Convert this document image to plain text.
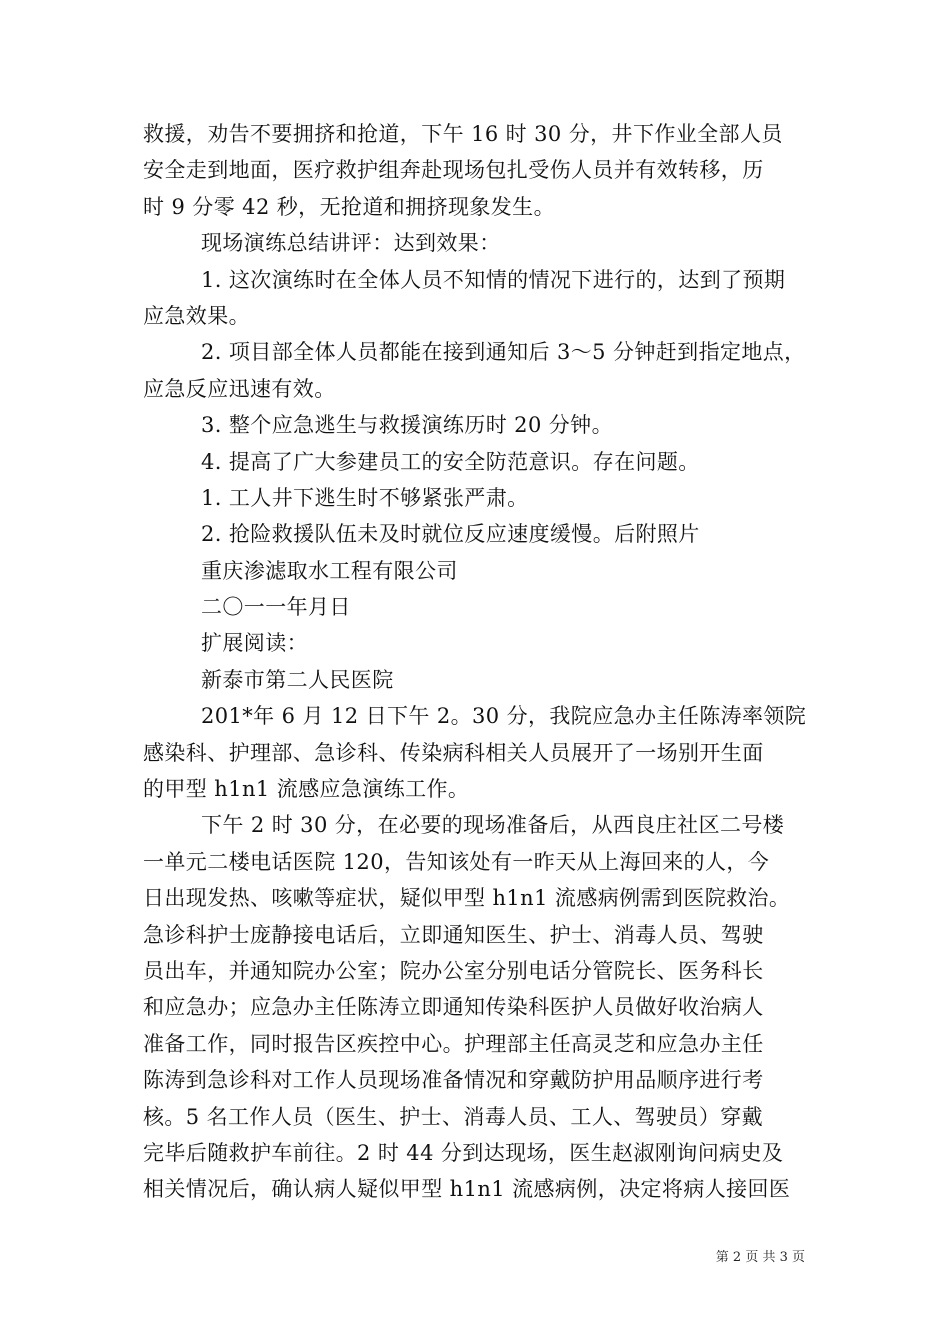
救援，劝告不要拥挤和抢道，下午 16 时 30 分，井下作业全部人员
安全走到地面，医疗救护组奔赴现场包扎受伤人员并有效转移，历
时 9 分零 42 秒，无抢道和拥挤现象发生。
现场演练总结讲评：达到效果：
1. 这次演练时在全体人员不知情的情况下进行的，达到了预期
应急效果。
2. 项目部全体人员都能在接到通知后 3～5 分钟赶到指定地点，
应急反应迅速有效。
3. 整个应急逃生与救援演练历时 20 分钟。
4. 提高了广大参建员工的安全防范意识。存在问题。
1. 工人井下逃生时不够紧张严肃。
2. 抢险救援队伍未及时就位反应速度缓慢。后附照片
重庆渗滤取水工程有限公司
二〇一一年月日
扩展阅读：
新泰市第二人民医院
201*年 6 月 12 日下午 2。30 分，我院应急办主任陈涛率领院
感染科、护理部、急诊科、传染病科相关人员展开了一场别开生面
的甲型 h1n1 流感应急演练工作。
下午 2 时 30 分，在必要的现场准备后，从西良庄社区二号楼
一单元二楼电话医院 120，告知该处有一昨天从上海回来的人，今
日出现发热、咳嗽等症状，疑似甲型 h1n1 流感病例需到医院救治。
急诊科护士庞静接电话后，立即通知医生、护士、消毒人员、驾驶
员出车，并通知院办公室；院办公室分别电话分管院长、医务科长
和应急办；应急办主任陈涛立即通知传染科医护人员做好收治病人
准备工作，同时报告区疾控中心。护理部主任高灵芝和应急办主任
陈涛到急诊科对工作人员现场准备情况和穿戴防护用品顺序进行考
核。5 名工作人员（医生、护士、消毒人员、工人、驾驶员）穿戴
完毕后随救护车前往。2 时 44 分到达现场，医生赵淑刚询问病史及
相关情况后，确认病人疑似甲型 h1n1 流感病例，决定将病人接回医
第 2 页 共 3 页
